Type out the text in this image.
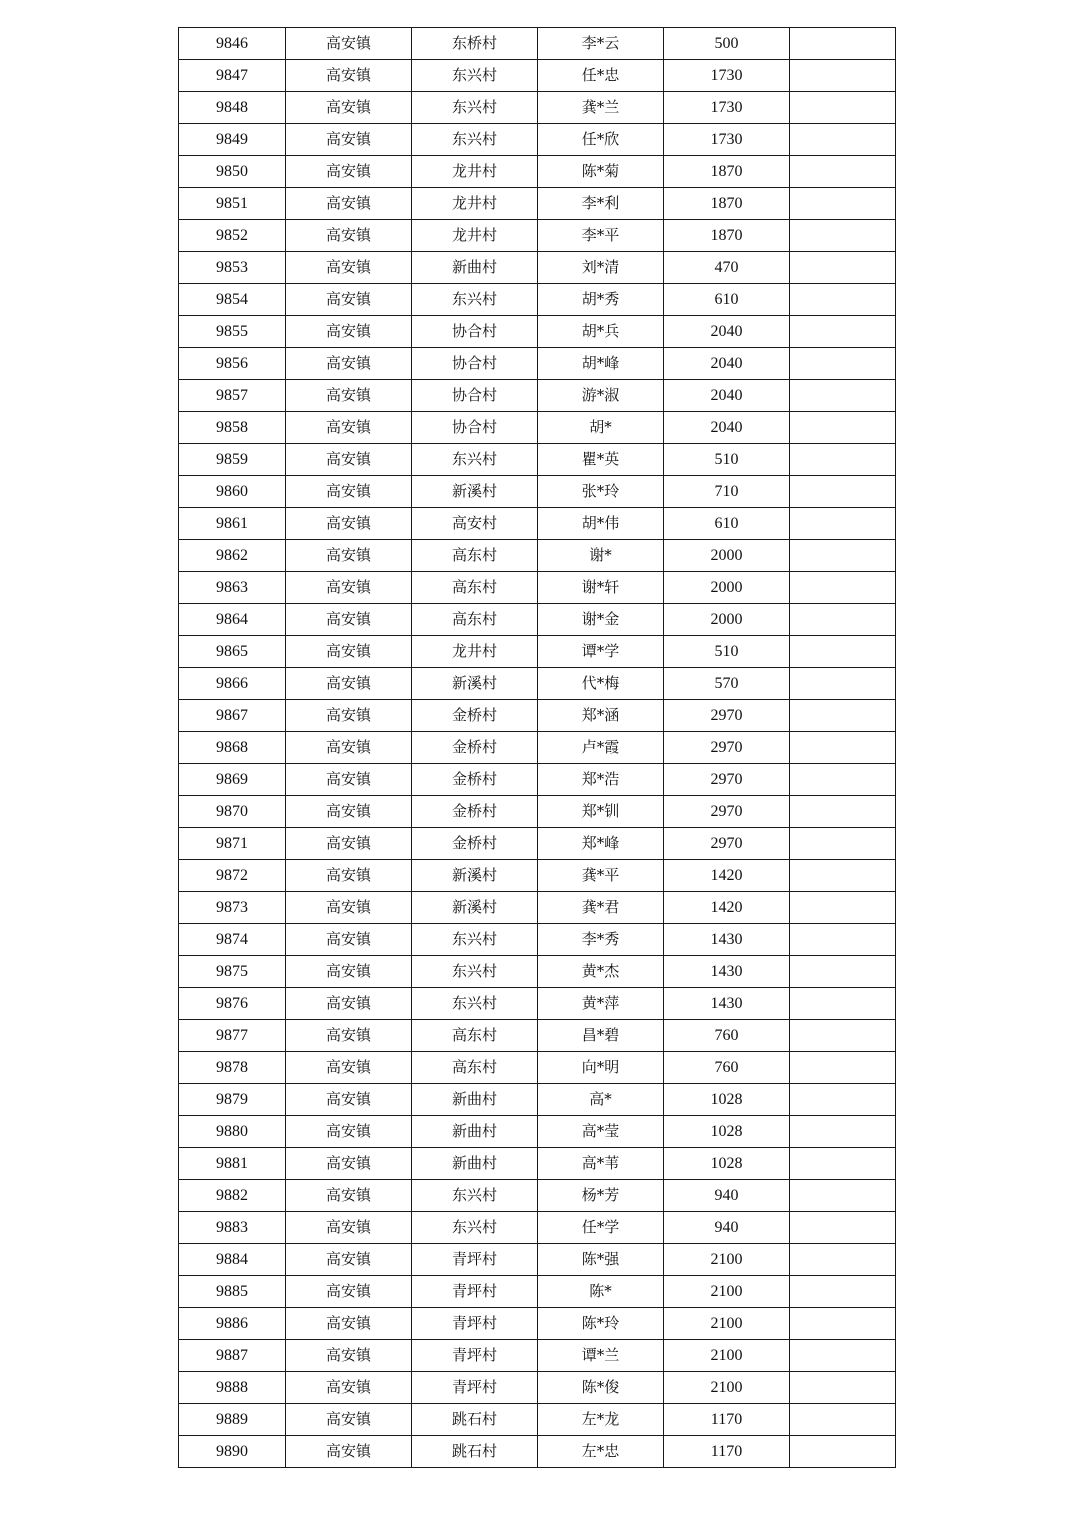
9846	高安镇	东桥村	李*云	500	
9847	高安镇	东兴村	任*忠	1730	
9848	高安镇	东兴村	龚*兰	1730	
9849	高安镇	东兴村	任*欣	1730	
9850	高安镇	龙井村	陈*菊	1870	
9851	高安镇	龙井村	李*利	1870	
9852	高安镇	龙井村	李*平	1870	
9853	高安镇	新曲村	刘*清	470	
9854	高安镇	东兴村	胡*秀	610	
9855	高安镇	协合村	胡*兵	2040	
9856	高安镇	协合村	胡*峰	2040	
9857	高安镇	协合村	游*淑	2040	
9858	高安镇	协合村	胡*	2040	
9859	高安镇	东兴村	瞿*英	510	
9860	高安镇	新溪村	张*玲	710	
9861	高安镇	高安村	胡*伟	610	
9862	高安镇	高东村	谢*	2000	
9863	高安镇	高东村	谢*轩	2000	
9864	高安镇	高东村	谢*金	2000	
9865	高安镇	龙井村	谭*学	510	
9866	高安镇	新溪村	代*梅	570	
9867	高安镇	金桥村	郑*涵	2970	
9868	高安镇	金桥村	卢*霞	2970	
9869	高安镇	金桥村	郑*浩	2970	
9870	高安镇	金桥村	郑*钏	2970	
9871	高安镇	金桥村	郑*峰	2970	
9872	高安镇	新溪村	龚*平	1420	
9873	高安镇	新溪村	龚*君	1420	
9874	高安镇	东兴村	李*秀	1430	
9875	高安镇	东兴村	黄*杰	1430	
9876	高安镇	东兴村	黄*萍	1430	
9877	高安镇	高东村	昌*碧	760	
9878	高安镇	高东村	向*明	760	
9879	高安镇	新曲村	高*	1028	
9880	高安镇	新曲村	高*莹	1028	
9881	高安镇	新曲村	高*苇	1028	
9882	高安镇	东兴村	杨*芳	940	
9883	高安镇	东兴村	任*学	940	
9884	高安镇	青坪村	陈*强	2100	
9885	高安镇	青坪村	陈*	2100	
9886	高安镇	青坪村	陈*玲	2100	
9887	高安镇	青坪村	谭*兰	2100	
9888	高安镇	青坪村	陈*俊	2100	
9889	高安镇	跳石村	左*龙	1170	
9890	高安镇	跳石村	左*忠	1170	
